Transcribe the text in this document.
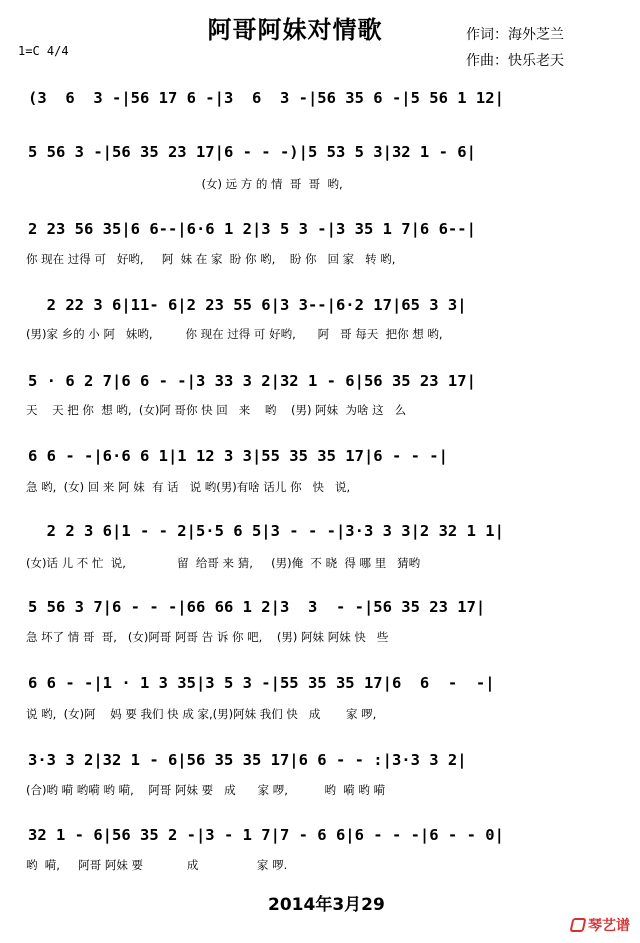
阿哥阿妹对情歌	作词：海外芝兰
作曲：快乐老天
1=C 4/4
(3  6  3 -|56 17 6 -|3  6  3 -|56 35 6 -|5 56 1 12|
5 56 3 -|56 35 23 17|6 - - -)|5 53 5 3|32 1 - 6|
(女) 远 方 的 情  哥  哥  哟,
2 23 56 35|6 6--|6·6 1 2|3 5 3 -|3 35 1 7|6 6--|
你 现在 过得 可   好哟,     阿  妹 在 家  盼 你 哟,    盼 你   回 家   转 哟,
2 22 3 6|11- 6|2 23 55 6|3 3--|6·2 17|65 3 3|
(男)家 乡的 小 阿   妹哟,         你 现在 过得 可 好哟,      阿   哥 每天  把你 想 哟,
5 · 6 2 7|6 6 - -|3 33 3 2|32 1 - 6|56 35 23 17|
天    天 把 你  想 哟,  (女)阿 哥你 快 回   来    哟    (男) 阿妹  为啥 这   么
6 6 - -|6·6 6 1|1 12 3 3|55 35 35 17|6 - - -|
急 哟,  (女) 回 来 阿 妹  有 话   说 哟(男)有啥 话儿 你   快   说,
2 2 3 6|1 - - 2|5·5 6 5|3 - - -|3·3 3 3|2 32 1 1|
(女)话 儿 不 忙  说,              留  给哥 来 猜,     (男)俺  不 晓  得 哪 里   猜哟
5 56 3 7|6 - - -|66 66 1 2|3  3  - -|56 35 23 17|
急 坏了 情 哥  哥,   (女)阿哥 阿哥 告 诉 你 吧,    (男) 阿妹 阿妹 快   些
6 6 - -|1 · 1 3 35|3 5 3 -|55 35 35 17|6  6  -  -|
说 哟,  (女)阿    妈 要 我们 快 成 家,(男)阿妹 我们 快   成       家 啰,
3·3 3 2|32 1 - 6|56 35 35 17|6 6 - - :|3·3 3 2|
(合)哟 嗬 哟嗬 哟 嗬,    阿哥 阿妹 要   成      家 啰,          哟  嗬 哟 嗬
32 1 - 6|56 35 2 -|3 - 1 7|7 - 6 6|6 - - -|6 - - 0|
哟  嗬,     阿哥 阿妹 要            成                家 啰.
2014年3月29
琴艺谱
